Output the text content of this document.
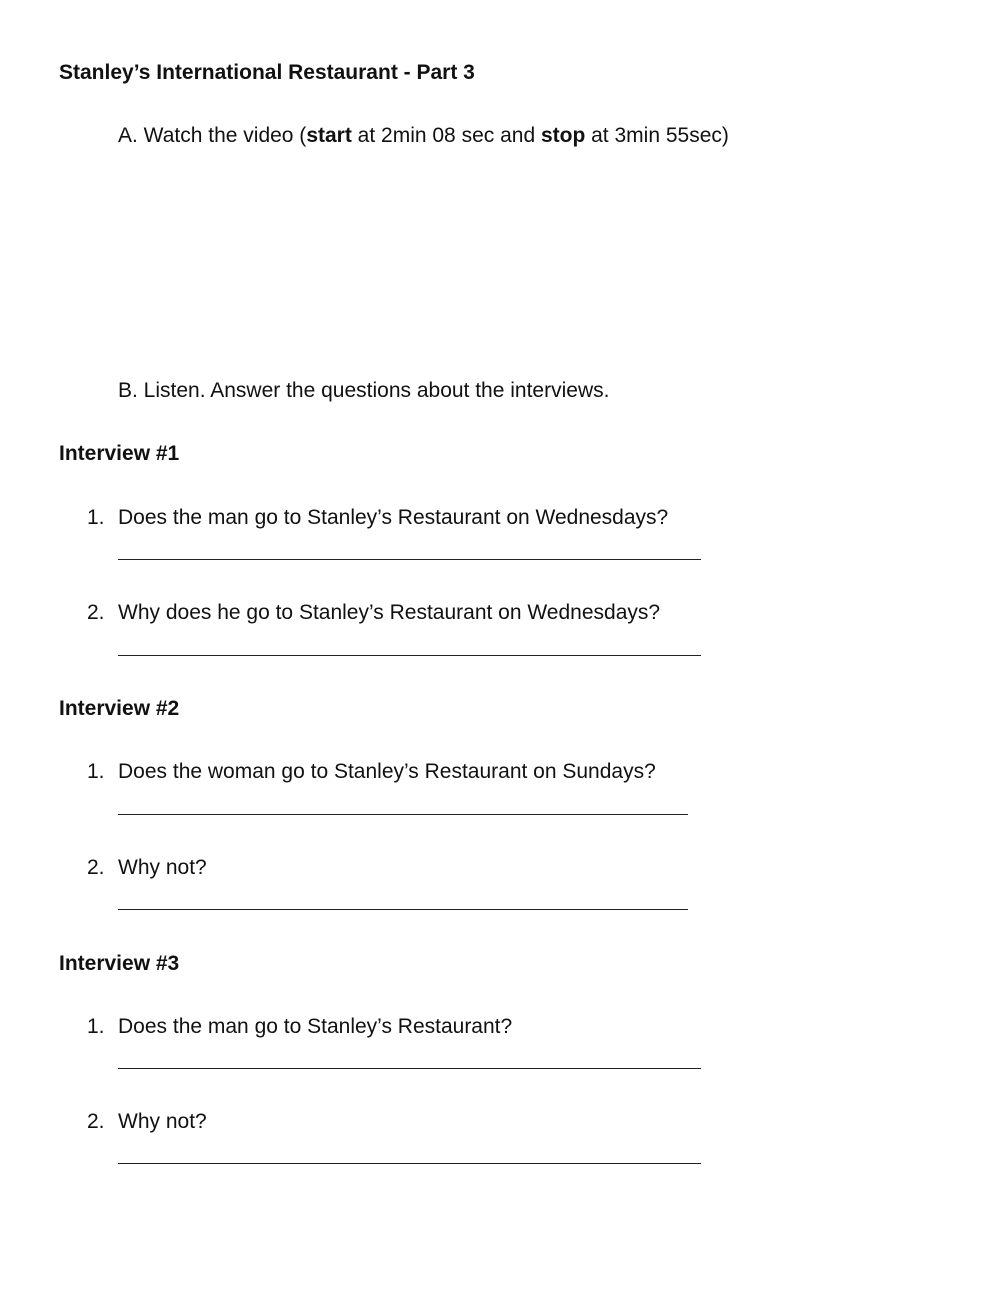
Stanley’s International Restaurant - Part 3
A. Watch the video (start at 2min 08 sec and stop at 3min 55sec)
B. Listen. Answer the questions about the interviews.
Interview #1
1. Does the man go to Stanley’s Restaurant on Wednesdays?
2. Why does he go to Stanley’s Restaurant on Wednesdays?
Interview #2
1. Does the woman go to Stanley’s Restaurant on Sundays?
2. Why not?
Interview #3
1. Does the man go to Stanley’s Restaurant?
2. Why not?
